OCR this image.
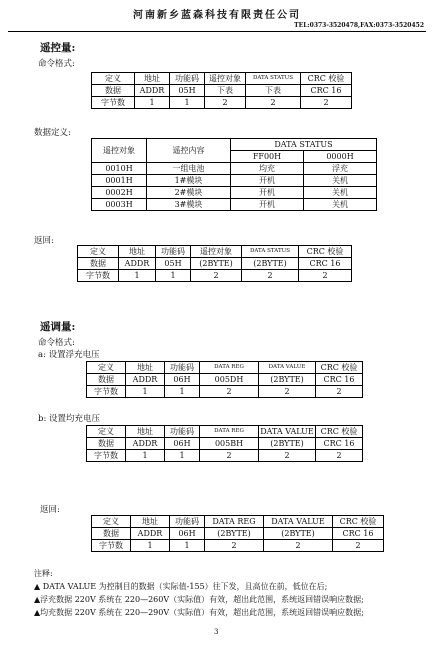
河南新乡蓝森科技有限责任公司
TEL:0373-3520478,FAX:0373-3520452
遥控量:
命令格式:
定义	地址	功能码	遥控对象	DATA STATUS	CRC 校验
数据	ADDR	05H	下表	下表	CRC 16
字节数	1	1	2	2	2
数据定义:
遥控对象	遥控内容	DATA STATUS	
		FF00H	0000H
0010H	一组电池	均充	浮充
0001H	1#模块	开机	关机
0002H	2#模块	开机	关机
0003H	3#模块	开机	关机
返回:
定义	地址	功能码	遥控对象	DATA STATUS	CRC 校验
数据	ADDR	05H	(2BYTE)	(2BYTE)	CRC 16
字节数	1	1	2	2	2
遥调量:
命令格式:
a: 设置浮充电压
定义	地址	功能码	DATA REG	DATA VALUE	CRC 校验
数据	ADDR	06H	005DH	(2BYTE)	CRC 16
字节数	1	1	2	2	2
b: 设置均充电压
定义	地址	功能码	DATA REG	DATA VALUE	CRC 校验
数据	ADDR	06H	005BH	(2BYTE)	CRC 16
字节数	1	1	2	2	2
返回:
定义	地址	功能码	DATA REG	DATA VALUE	CRC 校验
数据	ADDR	06H	(2BYTE)	(2BYTE)	CRC 16
字节数	1	1	2	2	2
注释:
▲ DATA VALUE 为控制目的数据（实际值-155）往下发，且高位在前，低位在后;
▲浮充数据 220V 系统在 220—260V（实际值）有效，超出此范围，系统返回错误响应数据;
▲均充数据 220V 系统在 220—290V（实际值）有效，超出此范围，系统返回错误响应数据;
3
